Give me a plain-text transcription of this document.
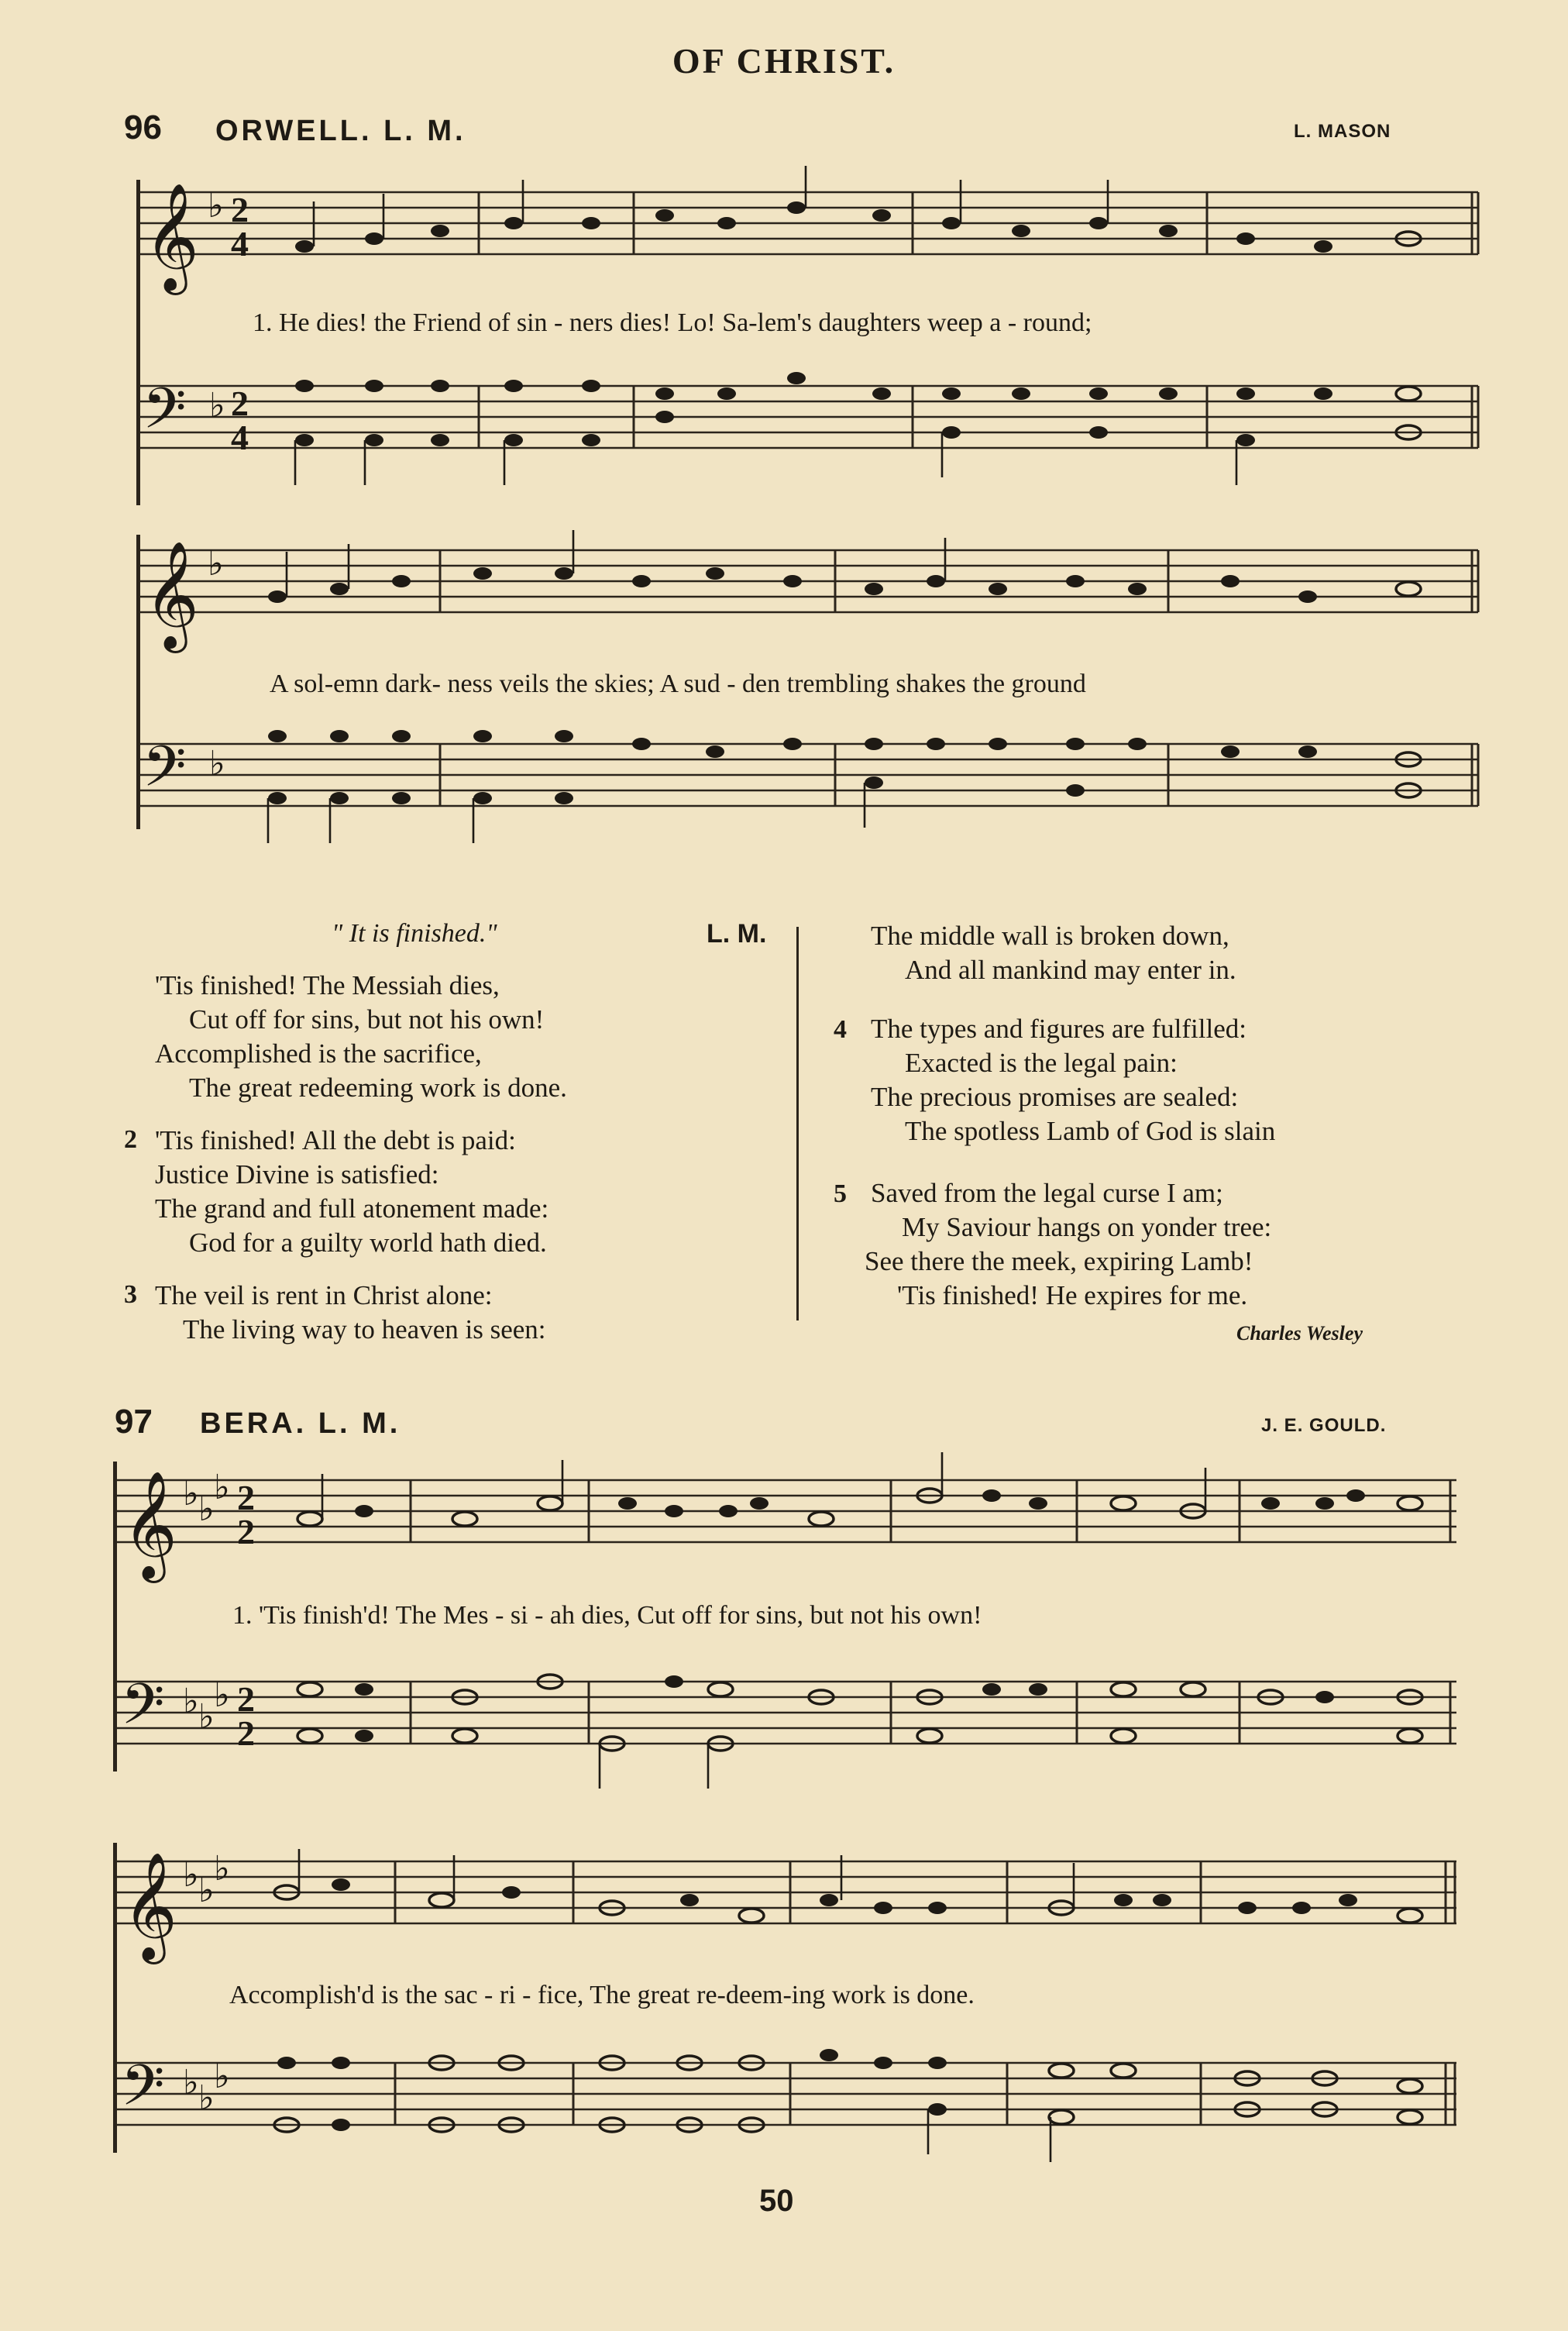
OF CHRIST.
96 ORWELL. L. M.	L. MASON
𝄞 ♭ 2
4
1. He dies! the Friend of sin - ners dies! Lo! Sa-lem's daughters weep a - round;
𝄢 ♭ 2
4
𝄞 ♭
A sol-emn dark- ness veils the skies; A sud - den trembling shakes the ground
𝄢 ♭
" It is finished."	L. M.
'Tis finished! The Messiah dies,
Cut off for sins, but not his own!
Accomplished is the sacrifice,
The great redeeming work is done.
2 'Tis finished! All the debt is paid:
Justice Divine is satisfied:
The grand and full atonement made:
God for a guilty world hath died.
3 The veil is rent in Christ alone:
The living way to heaven is seen:
The middle wall is broken down,
And all mankind may enter in.
4 The types and figures are fulfilled:
Exacted is the legal pain:
The precious promises are sealed:
The spotless Lamb of God is slain
5 Saved from the legal curse I am;
My Saviour hangs on yonder tree:
See there the meek, expiring Lamb!
'Tis finished! He expires for me.
Charles Wesley
97 BERA. L. M.	J. E. GOULD.
𝄞 ♭ ♭
♭ 2
2
1. 'Tis finish'd! The Mes - si - ah dies, Cut off for sins, but not his own!
𝄢 ♭ ♭
♭ 2
2
𝄞 ♭ ♭
♭
Accomplish'd is the sac - ri - fice, The great re-deem-ing work is done.
𝄢 ♭ ♭
♭
50
